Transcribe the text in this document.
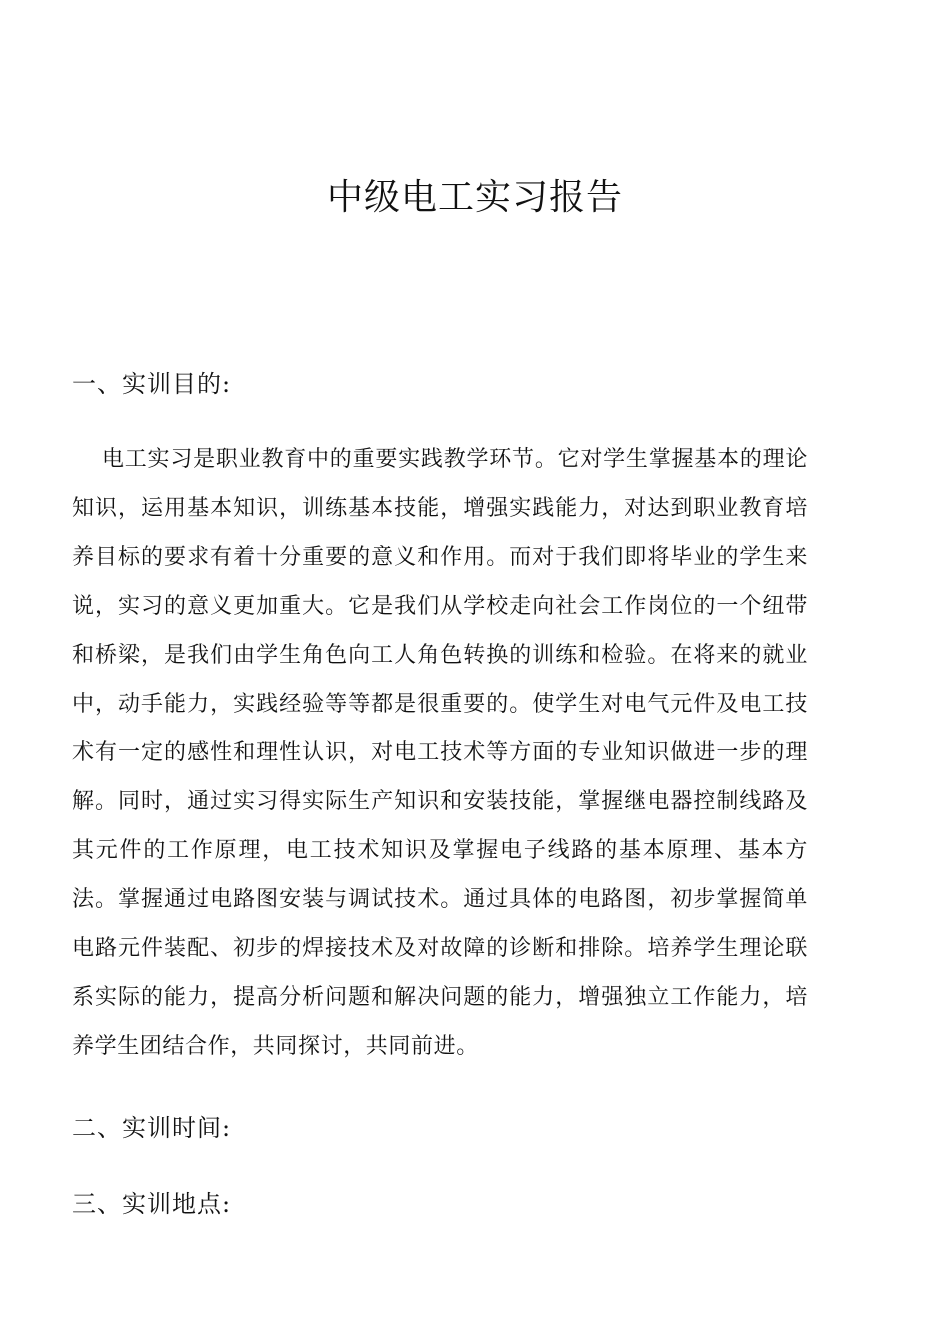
中级电工实习报告
一、实训目的:

电工实习是职业教育中的重要实践教学环节。它对学生掌握基本的理论知识，运用基本知识，训练基本技能，增强实践能力，对达到职业教育培养目标的要求有着十分重要的意义和作用。而对于我们即将毕业的学生来说，实习的意义更加重大。它是我们从学校走向社会工作岗位的一个纽带和桥梁，是我们由学生角色向工人角色转换的训练和检验。在将来的就业中，动手能力，实践经验等等都是很重要的。使学生对电气元件及电工技术有一定的感性和理性认识，对电工技术等方面的专业知识做进一步的理解。同时，通过实习得实际生产知识和安装技能，掌握继电器控制线路及其元件的工作原理，电工技术知识及掌握电子线路的基本原理、基本方法。掌握通过电路图安装与调试技术。通过具体的电路图，初步掌握简单电路元件装配、初步的焊接技术及对故障的诊断和排除。培养学生理论联系实际的能力，提高分析问题和解决问题的能力，增强独立工作能力，培养学生团结合作，共同探讨，共同前进。

二、实训时间:
三、实训地点:
